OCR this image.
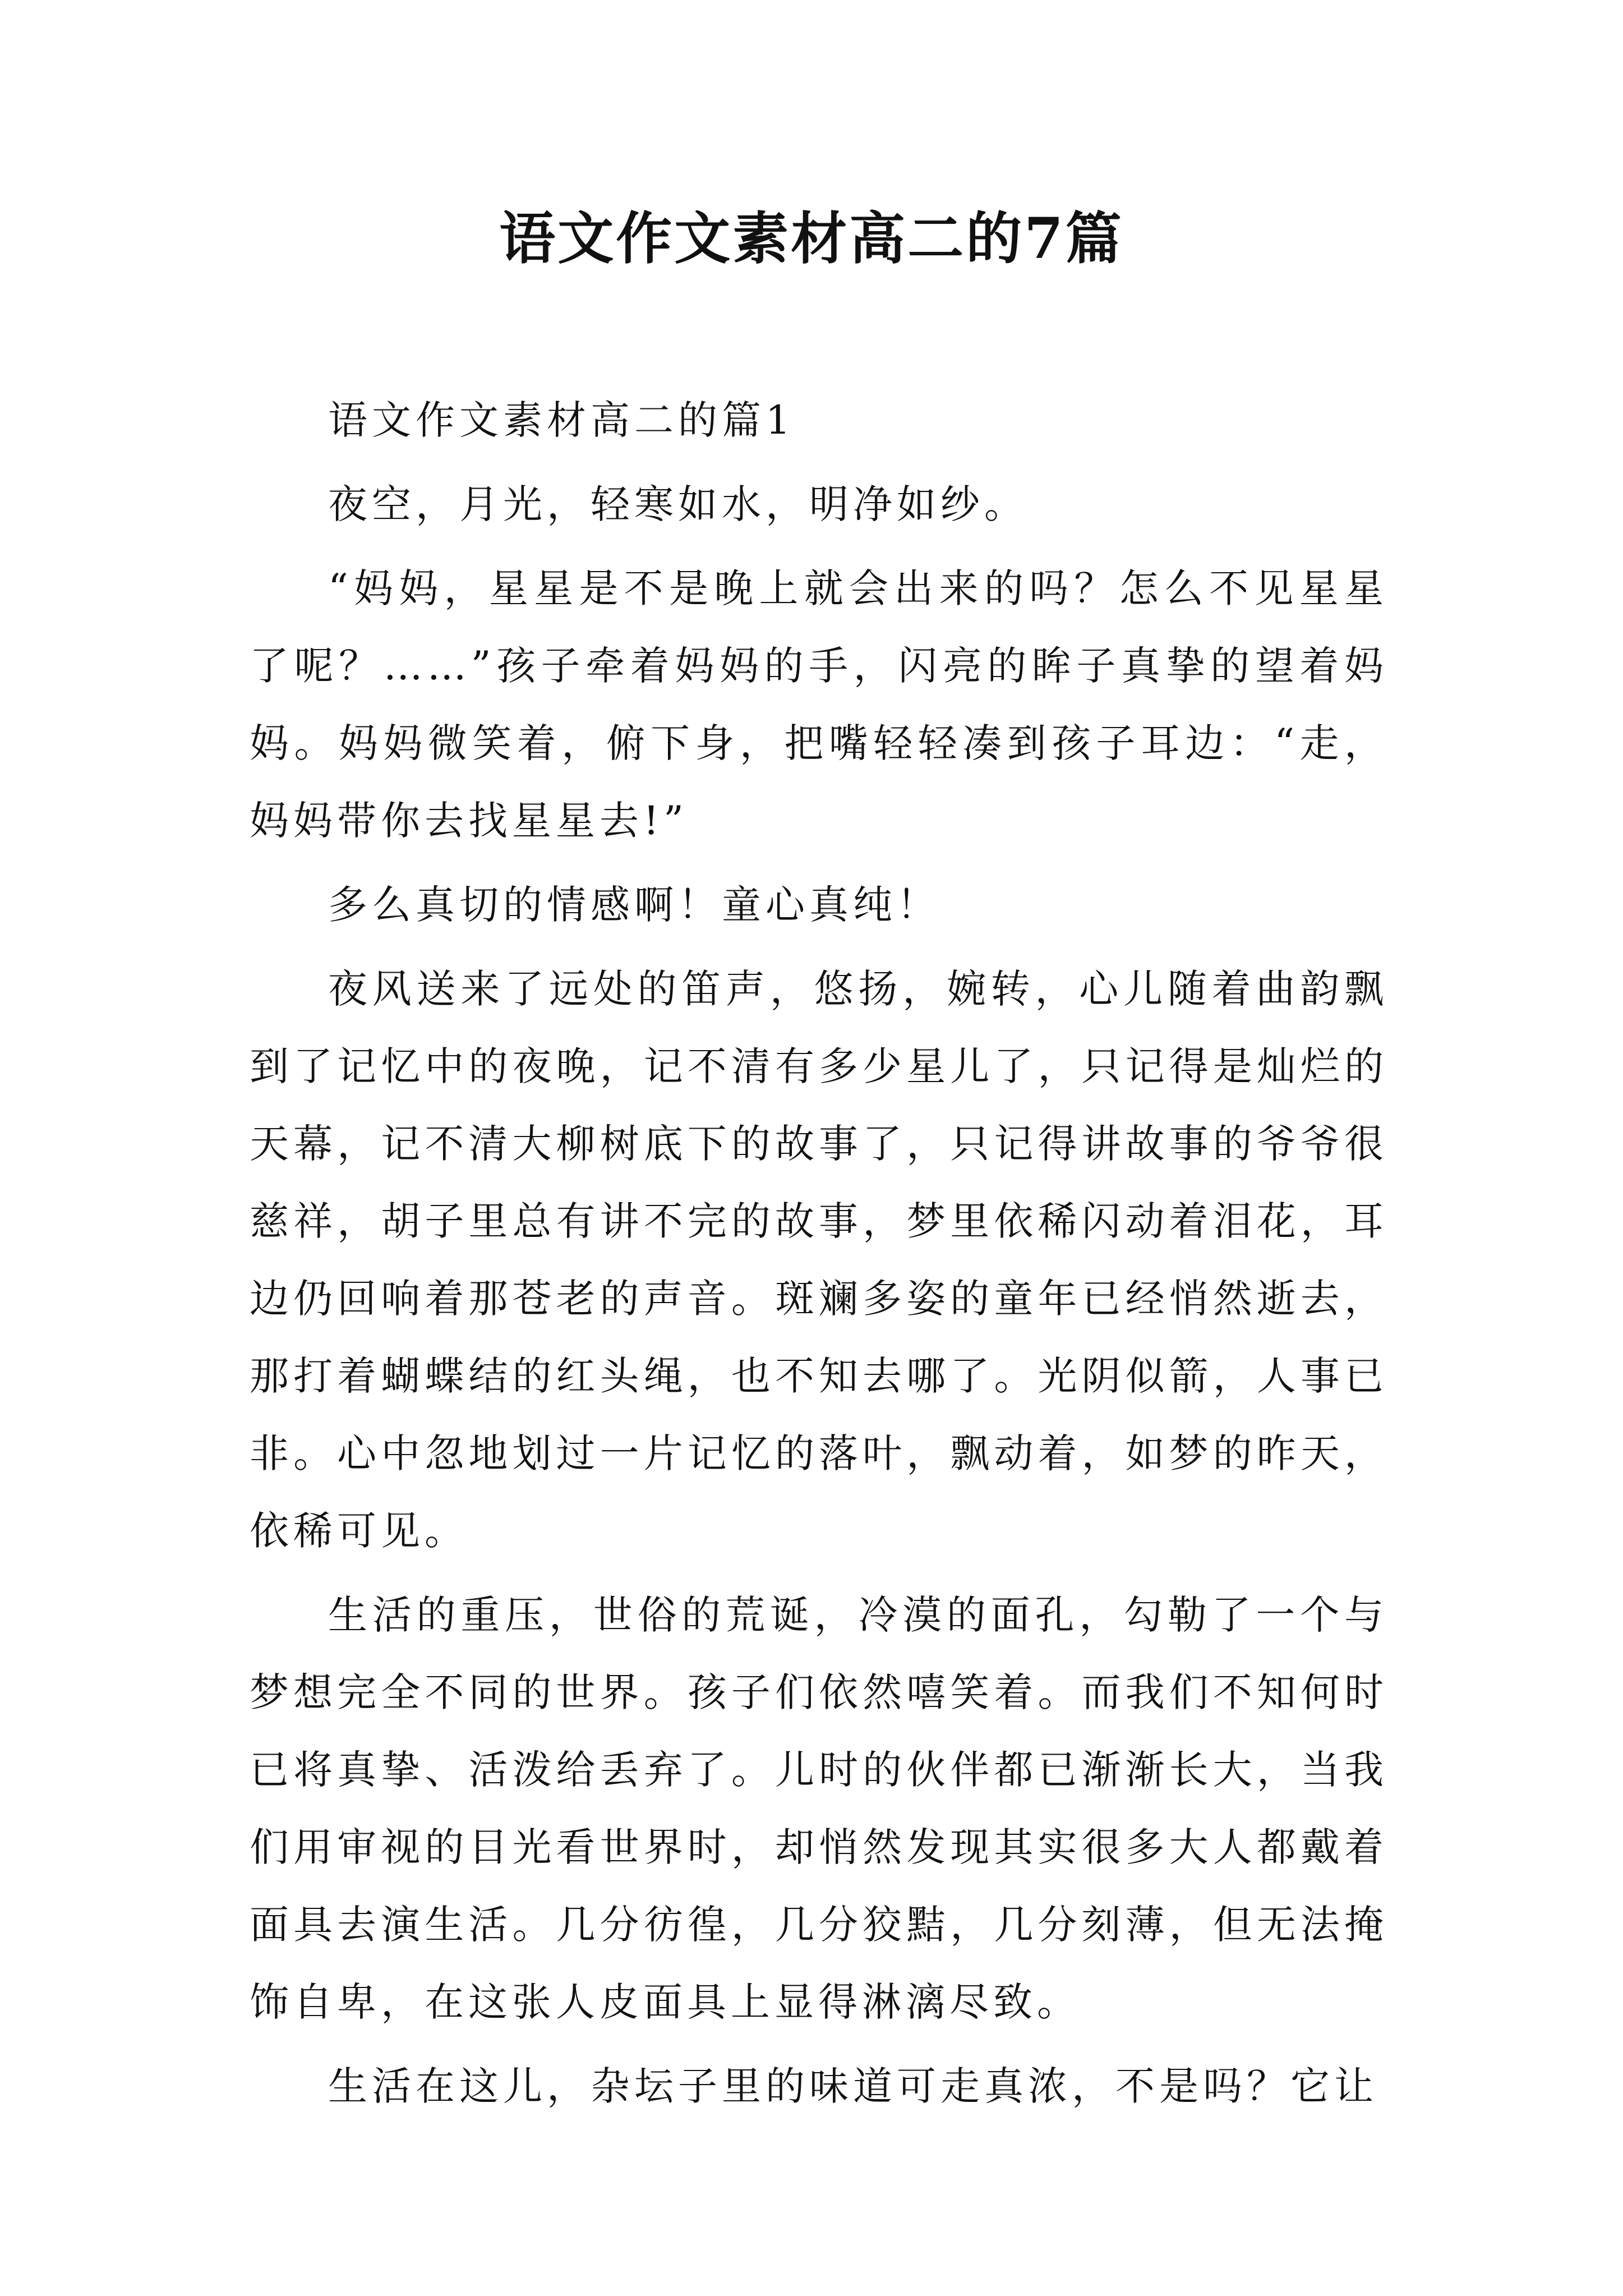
语文作文素材高二的7篇

语文作文素材高二的篇1

夜空，月光，轻寒如水，明净如纱。

“妈妈，星星是不是晚上就会出来的吗？怎么不见星星了呢？……”孩子牵着妈妈的手，闪亮的眸子真挚的望着妈妈。妈妈微笑着，俯下身，把嘴轻轻凑到孩子耳边：“走，妈妈带你去找星星去!”

多么真切的情感啊！童心真纯！

夜风送来了远处的笛声，悠扬，婉转，心儿随着曲韵飘到了记忆中的夜晚，记不清有多少星儿了，只记得是灿烂的天幕，记不清大柳树底下的故事了，只记得讲故事的爷爷很慈祥，胡子里总有讲不完的故事，梦里依稀闪动着泪花，耳边仍回响着那苍老的声音。斑斓多姿的童年已经悄然逝去，那打着蝴蝶结的红头绳，也不知去哪了。光阴似箭，人事已非。心中忽地划过一片记忆的落叶，飘动着，如梦的昨天，依稀可见。

生活的重压，世俗的荒诞，冷漠的面孔，勾勒了一个与梦想完全不同的世界。孩子们依然嘻笑着。而我们不知何时已将真挚、活泼给丢弃了。儿时的伙伴都已渐渐长大，当我们用审视的目光看世界时，却悄然发现其实很多大人都戴着面具去演生活。几分彷徨，几分狡黠，几分刻薄，但无法掩饰自卑，在这张人皮面具上显得淋漓尽致。

生活在这儿，杂坛子里的味道可走真浓，不是吗？它让
